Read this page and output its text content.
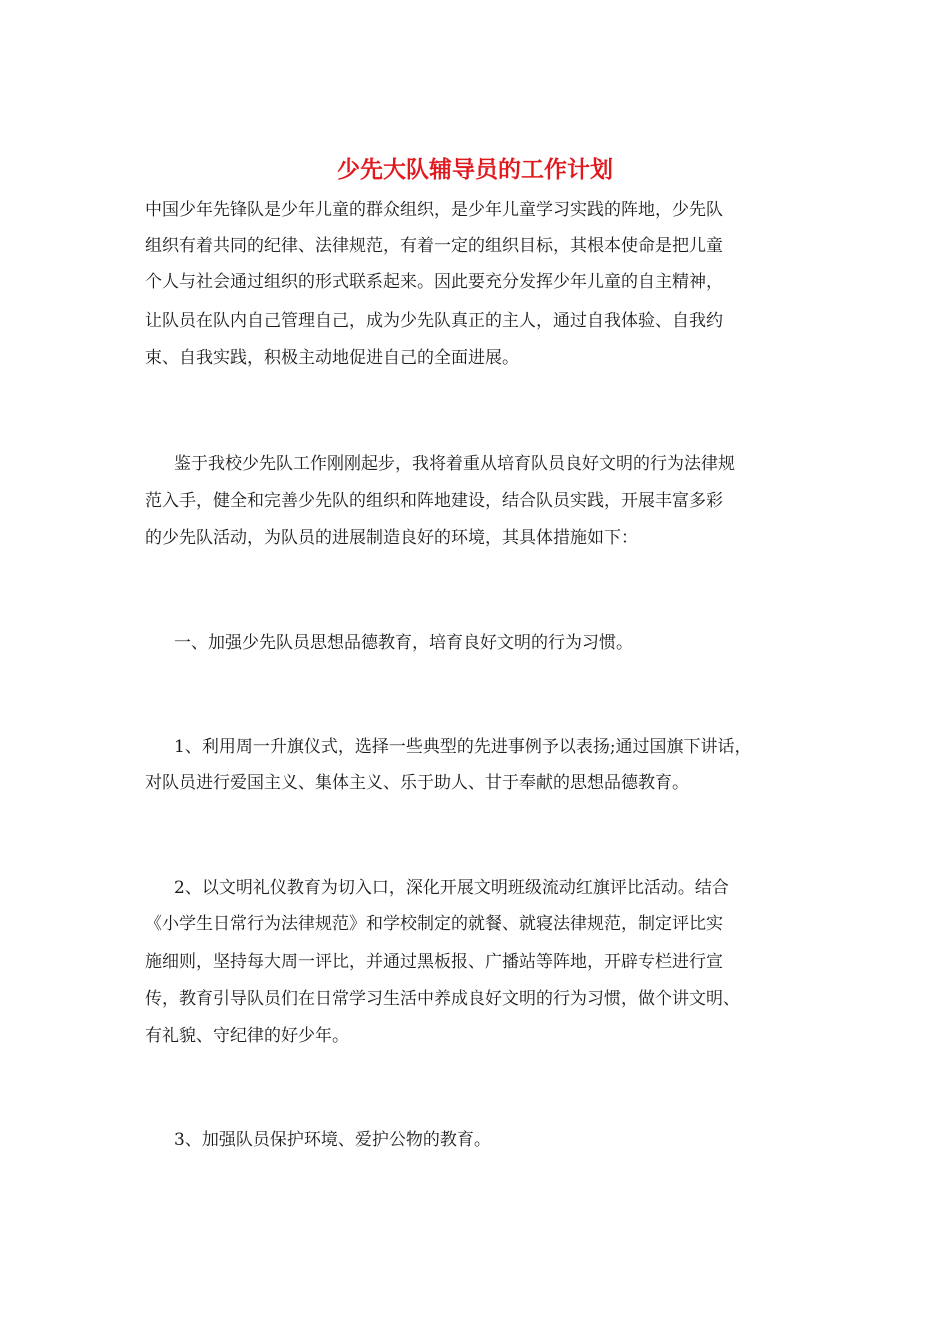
少先大队辅导员的工作计划
中国少年先锋队是少年儿童的群众组织，是少年儿童学习实践的阵地，少先队
组织有着共同的纪律、法律规范，有着一定的组织目标，其根本使命是把儿童
个人与社会通过组织的形式联系起来。因此要充分发挥少年儿童的自主精神，
让队员在队内自己管理自己，成为少先队真正的主人，通过自我体验、自我约
束、自我实践，积极主动地促进自己的全面进展。
鉴于我校少先队工作刚刚起步，我将着重从培育队员良好文明的行为法律规
范入手，健全和完善少先队的组织和阵地建设，结合队员实践，开展丰富多彩
的少先队活动，为队员的进展制造良好的环境，其具体措施如下：
一、加强少先队员思想品德教育，培育良好文明的行为习惯。
1、利用周一升旗仪式，选择一些典型的先进事例予以表扬;通过国旗下讲话，
对队员进行爱国主义、集体主义、乐于助人、甘于奉献的思想品德教育。
2、以文明礼仪教育为切入口，深化开展文明班级流动红旗评比活动。结合
《小学生日常行为法律规范》和学校制定的就餐、就寝法律规范，制定评比实
施细则，坚持每大周一评比，并通过黑板报、广播站等阵地，开辟专栏进行宣
传，教育引导队员们在日常学习生活中养成良好文明的行为习惯，做个讲文明、
有礼貌、守纪律的好少年。
3、加强队员保护环境、爱护公物的教育。
